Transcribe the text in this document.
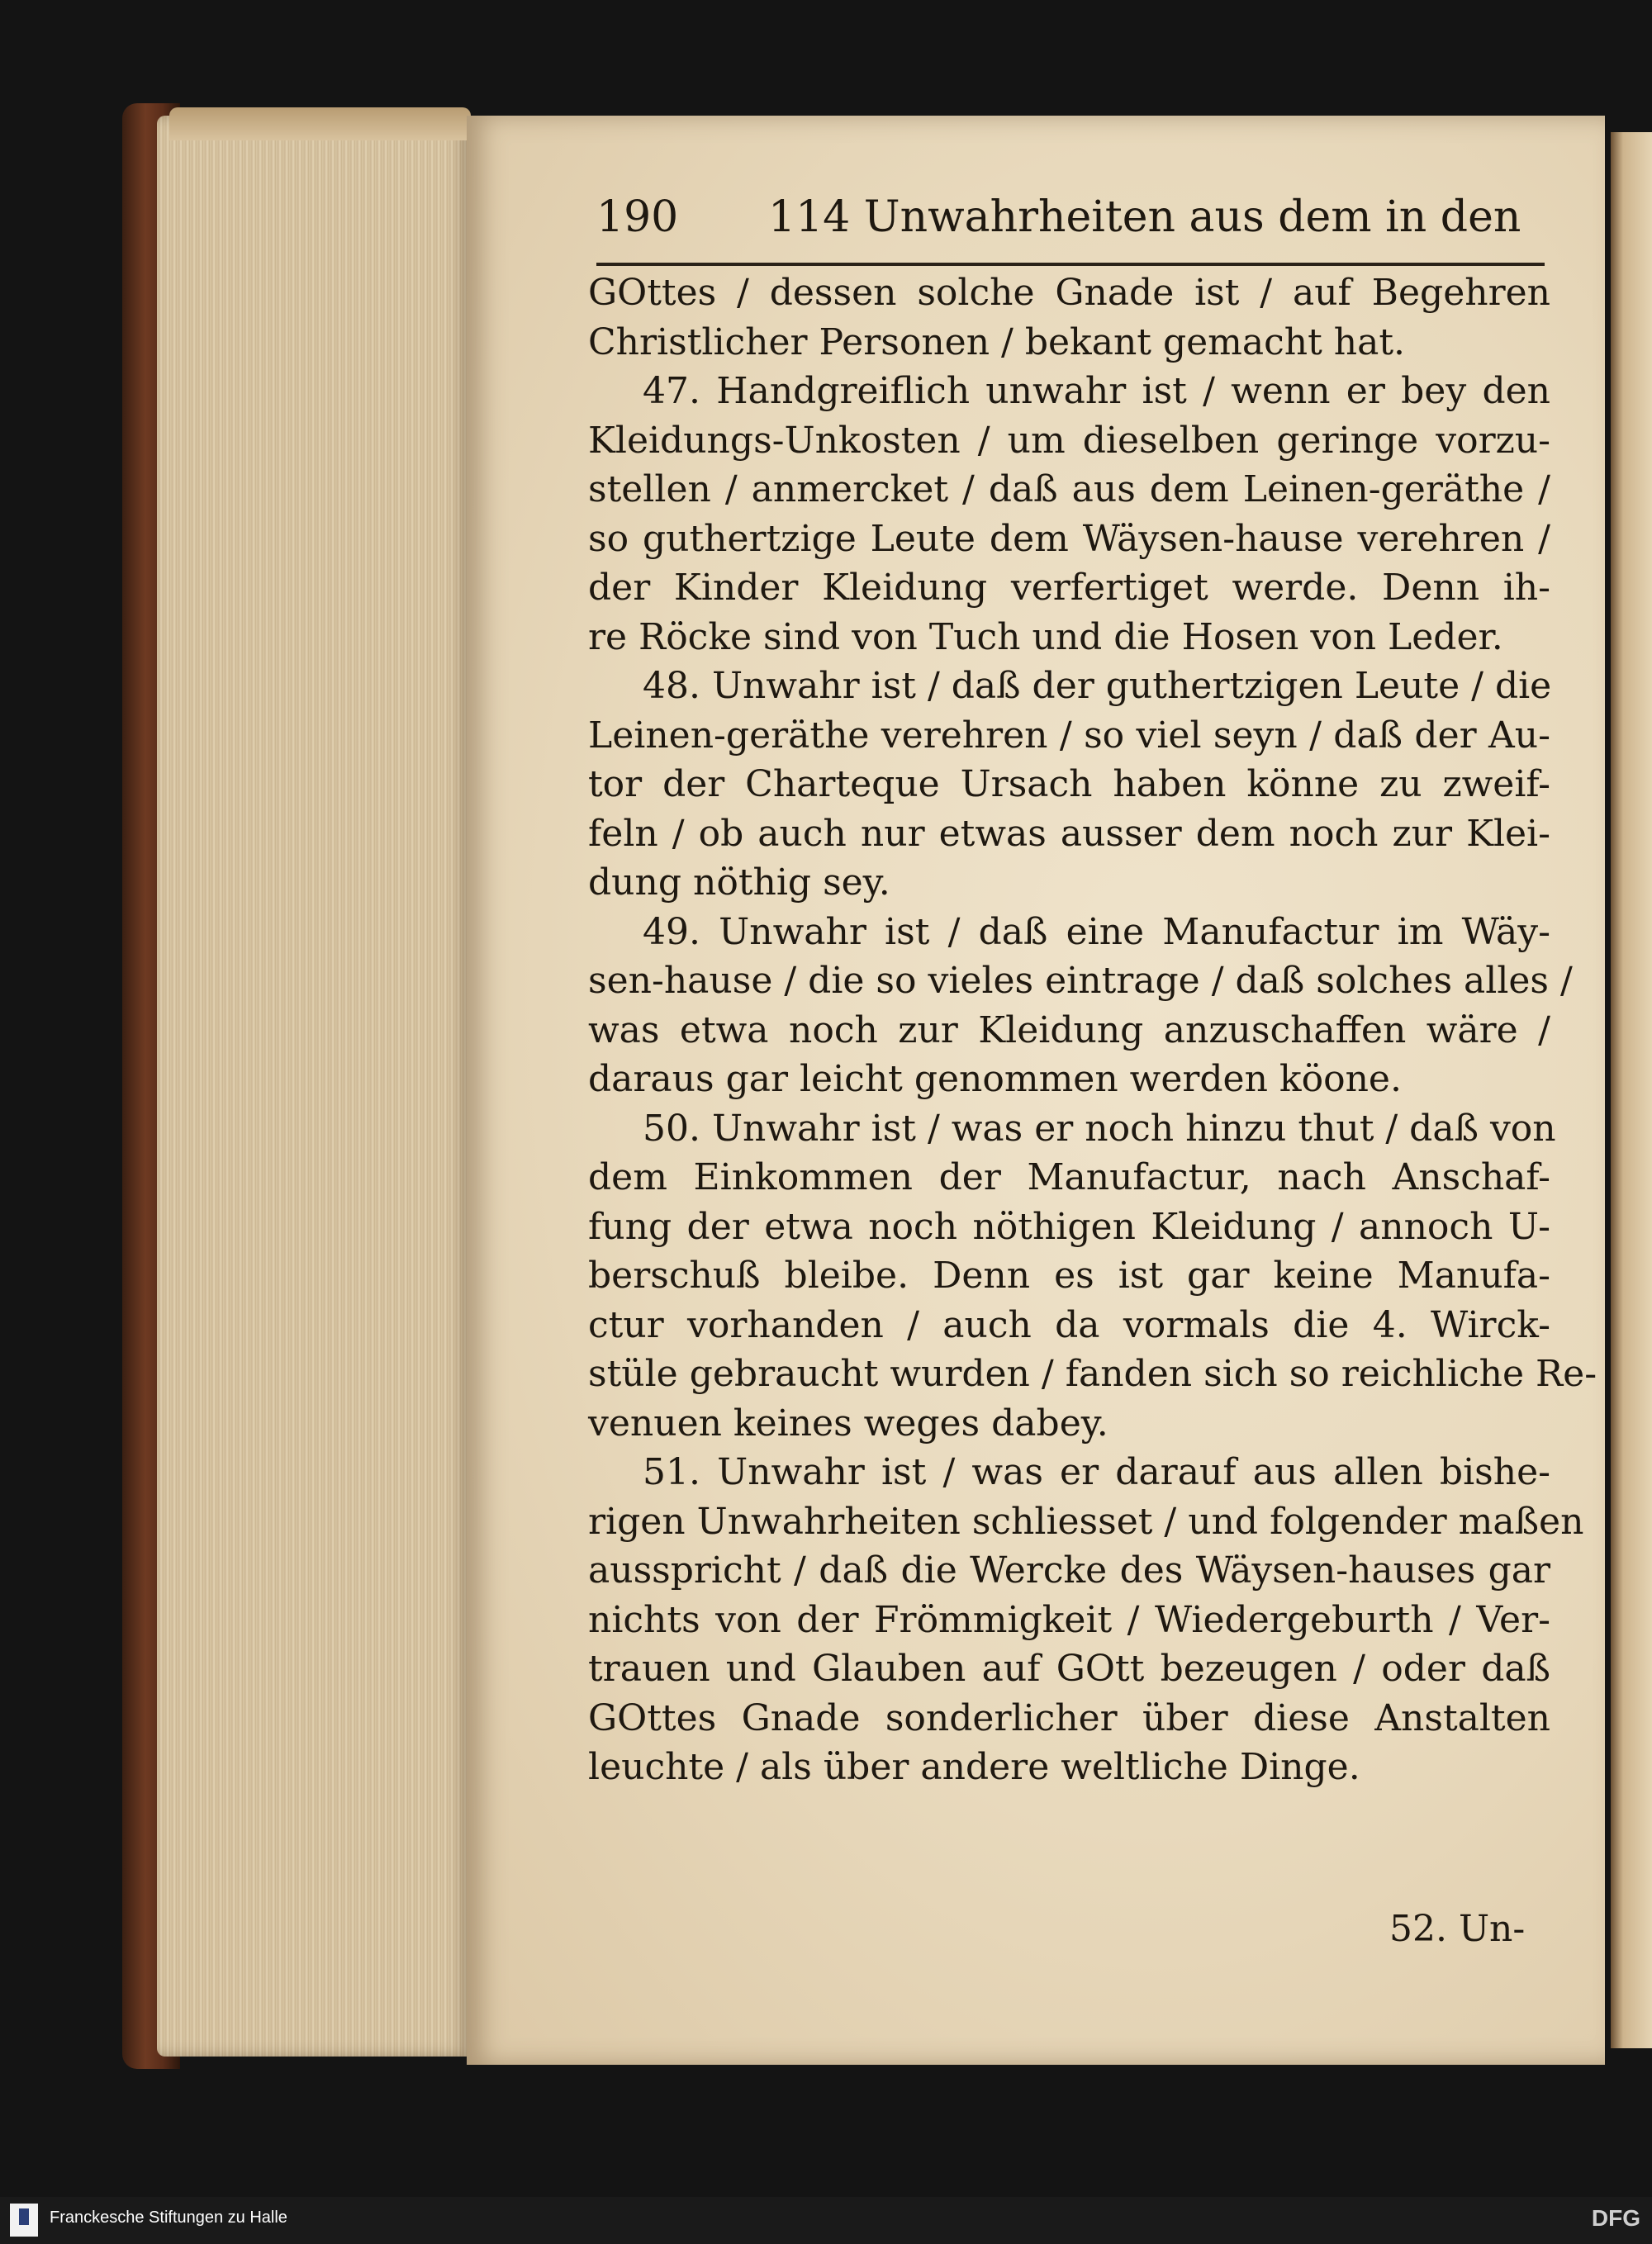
190 114 Unwahrheiten aus dem in den
GOttes / dessen solche Gnade ist / auf Begehren
Christlicher Personen / bekant gemacht hat.
47. Handgreiflich unwahr ist / wenn er bey den
Kleidungs-Unkosten / um dieselben geringe vorzu-
stellen / anmercket / daß aus dem Leinen-geräthe /
so guthertzige Leute dem Wäysen-hause verehren /
der Kinder Kleidung verfertiget werde. Denn ih-
re Röcke sind von Tuch und die Hosen von Leder.
48. Unwahr ist / daß der guthertzigen Leute / die
Leinen-geräthe verehren / so viel seyn / daß der Au-
tor der Charteque Ursach haben könne zu zweif-
feln / ob auch nur etwas ausser dem noch zur Klei-
dung nöthig sey.
49. Unwahr ist / daß eine Manufactur im Wäy-
sen-hause / die so vieles eintrage / daß solches alles /
was etwa noch zur Kleidung anzuschaffen wäre /
daraus gar leicht genommen werden köone.
50. Unwahr ist / was er noch hinzu thut / daß von
dem Einkommen der Manufactur, nach Anschaf-
fung der etwa noch nöthigen Kleidung / annoch U-
berschuß bleibe. Denn es ist gar keine Manufa-
ctur vorhanden / auch da vormals die 4. Wirck-
stüle gebraucht wurden / fanden sich so reichliche Re-
venuen keines weges dabey.
51. Unwahr ist / was er darauf aus allen bishe-
rigen Unwahrheiten schliesset / und folgender maßen
ausspricht / daß die Wercke des Wäysen-hauses gar
nichts von der Frömmigkeit / Wiedergeburth / Ver-
trauen und Glauben auf GOtt bezeugen / oder daß
GOttes Gnade sonderlicher über diese Anstalten
leuchte / als über andere weltliche Dinge.
52. Un-
Franckesche Stiftungen zu Halle	DFG
